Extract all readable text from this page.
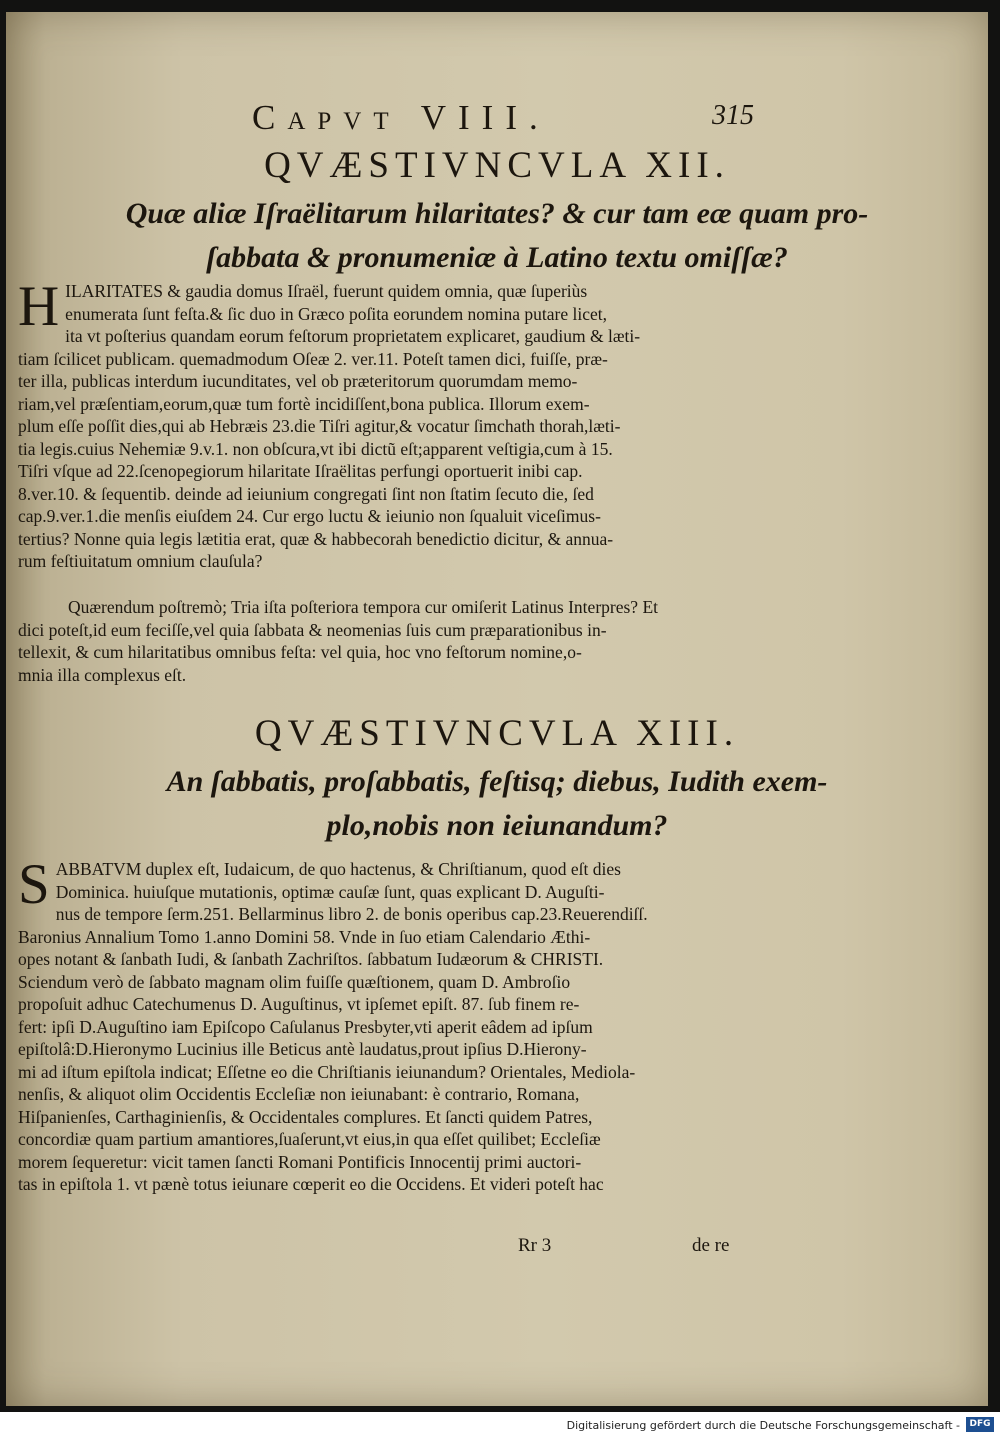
Capvt VIII.	315
QVÆSTIVNCVLA XII.
Quæ aliæ Iſraëlitarum hilaritates? & cur tam eæ quam pro-
ſabbata & pronumeniæ à Latino textu omiſſæ?
H ILARITATES & gaudia domus Iſraël, fuerunt quidem omnia, quæ ſuperiùs
enumerata ſunt feſta.& ſic duo in Græco poſita eorundem nomina putare licet,
ita vt poſterius quandam eorum feſtorum proprietatem explicaret, gaudium & læti-
tiam ſcilicet publicam. quemadmodum Oſeæ 2. ver.11. Poteſt tamen dici, fuiſſe, præ-
ter illa, publicas interdum iucunditates, vel ob præteritorum quorumdam memo-
riam,vel præſentiam,eorum,quæ tum fortè incidiſſent,bona publica. Illorum exem-
plum eſſe poſſit dies,qui ab Hebræis 23.die Tiſri agitur,& vocatur ſimchath thorah,læti-
tia legis.cuius Nehemiæ 9.v.1. non obſcura,vt ibi dictũ eſt;apparent veſtigia,cum à 15.
Tiſri vſque ad 22.ſcenopegiorum hilaritate Iſraëlitas perfungi oportuerit inibi cap.
8.ver.10. & ſequentib. deinde ad ieiunium congregati ſint non ſtatim ſecuto die, ſed
cap.9.ver.1.die menſis eiuſdem 24. Cur ergo luctu & ieiunio non ſqualuit viceſimus-
tertius? Nonne quia legis lætitia erat, quæ & habbecorah benedictio dicitur, & annua-
rum feſtiuitatum omnium clauſula?
Quærendum poſtremò; Tria iſta poſteriora tempora cur omiſerit Latinus Interpres? Et
dici poteſt,id eum feciſſe,vel quia ſabbata & neomenias ſuis cum præparationibus in-
tellexit, & cum hilaritatibus omnibus feſta: vel quia, hoc vno feſtorum nomine,o-
mnia illa complexus eſt.
QVÆSTIVNCVLA XIII.
An ſabbatis, proſabbatis, feſtisq; diebus, Iudith exem-
plo,nobis non ieiunandum?
S ABBATVM duplex eſt, Iudaicum, de quo hactenus, & Chriſtianum, quod eſt dies
Dominica. huiuſque mutationis, optimæ cauſæ ſunt, quas explicant D. Auguſti-
nus de tempore ſerm.251. Bellarminus libro 2. de bonis operibus cap.23.Reuerendiſſ.
Baronius Annalium Tomo 1.anno Domini 58. Vnde in ſuo etiam Calendario Æthi-
opes notant & ſanbath Iudi, & ſanbath Zachriſtos. ſabbatum Iudæorum & CHRISTI.
Sciendum verò de ſabbato magnam olim fuiſſe quæſtionem, quam D. Ambroſio
propoſuit adhuc Catechumenus D. Auguſtinus, vt ipſemet epiſt. 87. ſub finem re-
fert: ipſi D.Auguſtino iam Epiſcopo Caſulanus Presbyter,vti aperit eâdem ad ipſum
epiſtolâ:D.Hieronymo Lucinius ille Beticus antè laudatus,prout ipſius D.Hierony-
mi ad iſtum epiſtola indicat; Eſſetne eo die Chriſtianis ieiunandum? Orientales, Mediola-
nenſis, & aliquot olim Occidentis Eccleſiæ non ieiunabant: è contrario, Romana,
Hiſpanienſes, Carthaginienſis, & Occidentales complures. Et ſancti quidem Patres,
concordiæ quam partium amantiores,ſuaſerunt,vt eius,in qua eſſet quilibet; Eccleſiæ
morem ſequeretur: vicit tamen ſancti Romani Pontificis Innocentij primi auctori-
tas in epiſtola 1. vt pænè totus ieiunare cœperit eo die Occidens. Et videri poteſt hac
Rr 3	de re
Digitalisierung gefördert durch die Deutsche Forschungsgemeinschaft -	DFG
